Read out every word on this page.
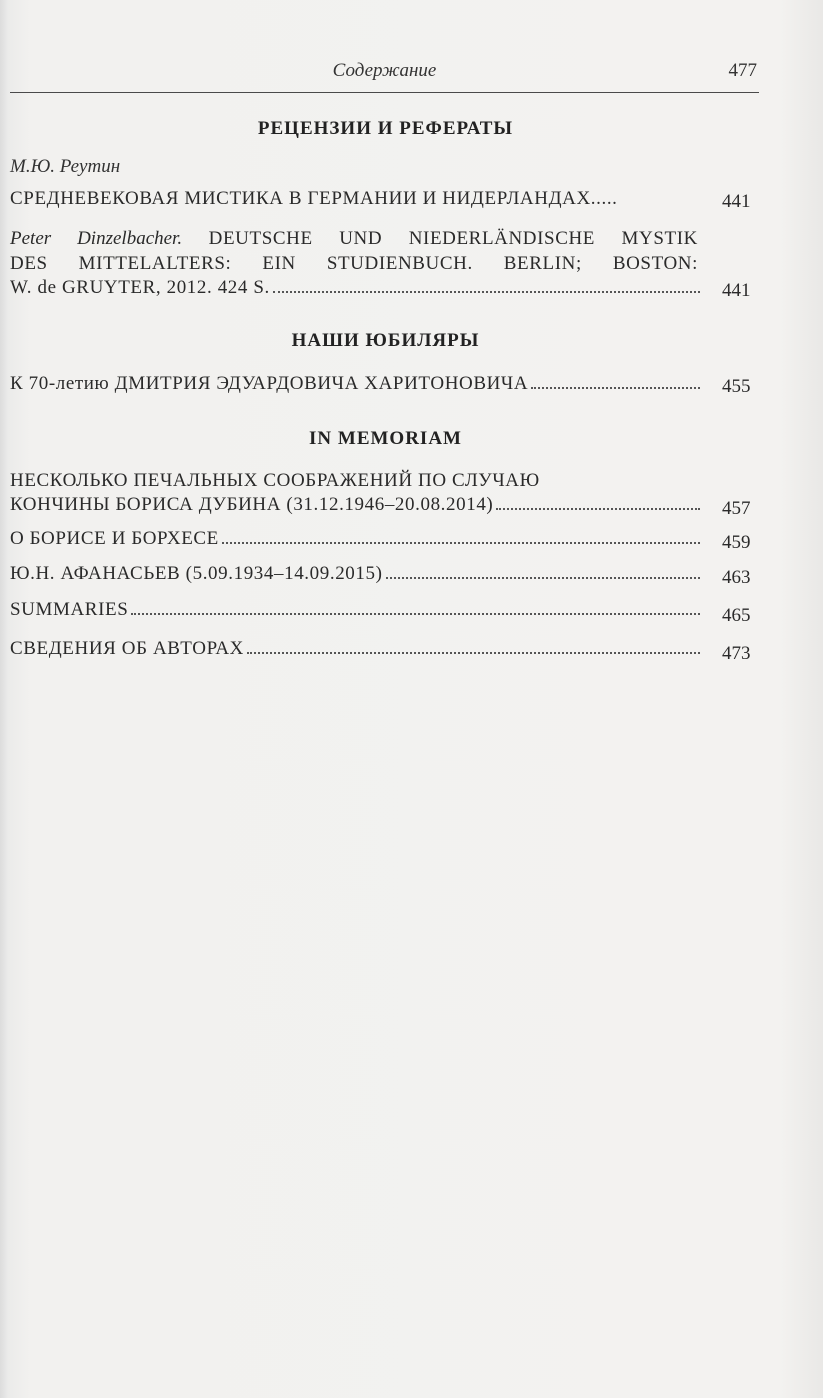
Содержание	477
РЕЦЕНЗИИ И РЕФЕРАТЫ
М.Ю. Реутин
СРЕДНЕВЕКОВАЯ МИСТИКА В ГЕРМАНИИ И НИДЕРЛАНДАХ.....	441
Peter Dinzelbacher. DEUTSCHE UND NIEDERLÄNDISCHE MYSTIK
DES MITTELALTERS: EIN STUDIENBUCH. BERLIN; BOSTON:
W. de GRUYTER, 2012. 424 S.	441
НАШИ ЮБИЛЯРЫ
К 70-летию ДМИТРИЯ ЭДУАРДОВИЧА ХАРИТОНОВИЧА	455
IN MEMORIAM
НЕСКОЛЬКО ПЕЧАЛЬНЫХ СООБРАЖЕНИЙ ПО СЛУЧАЮ
КОНЧИНЫ БОРИСА ДУБИНА (31.12.1946–20.08.2014)	457
О БОРИСЕ И БОРХЕСЕ	459
Ю.Н. АФАНАСЬЕВ (5.09.1934–14.09.2015)	463
SUMMARIES	465
СВЕДЕНИЯ ОБ АВТОРАХ	473
